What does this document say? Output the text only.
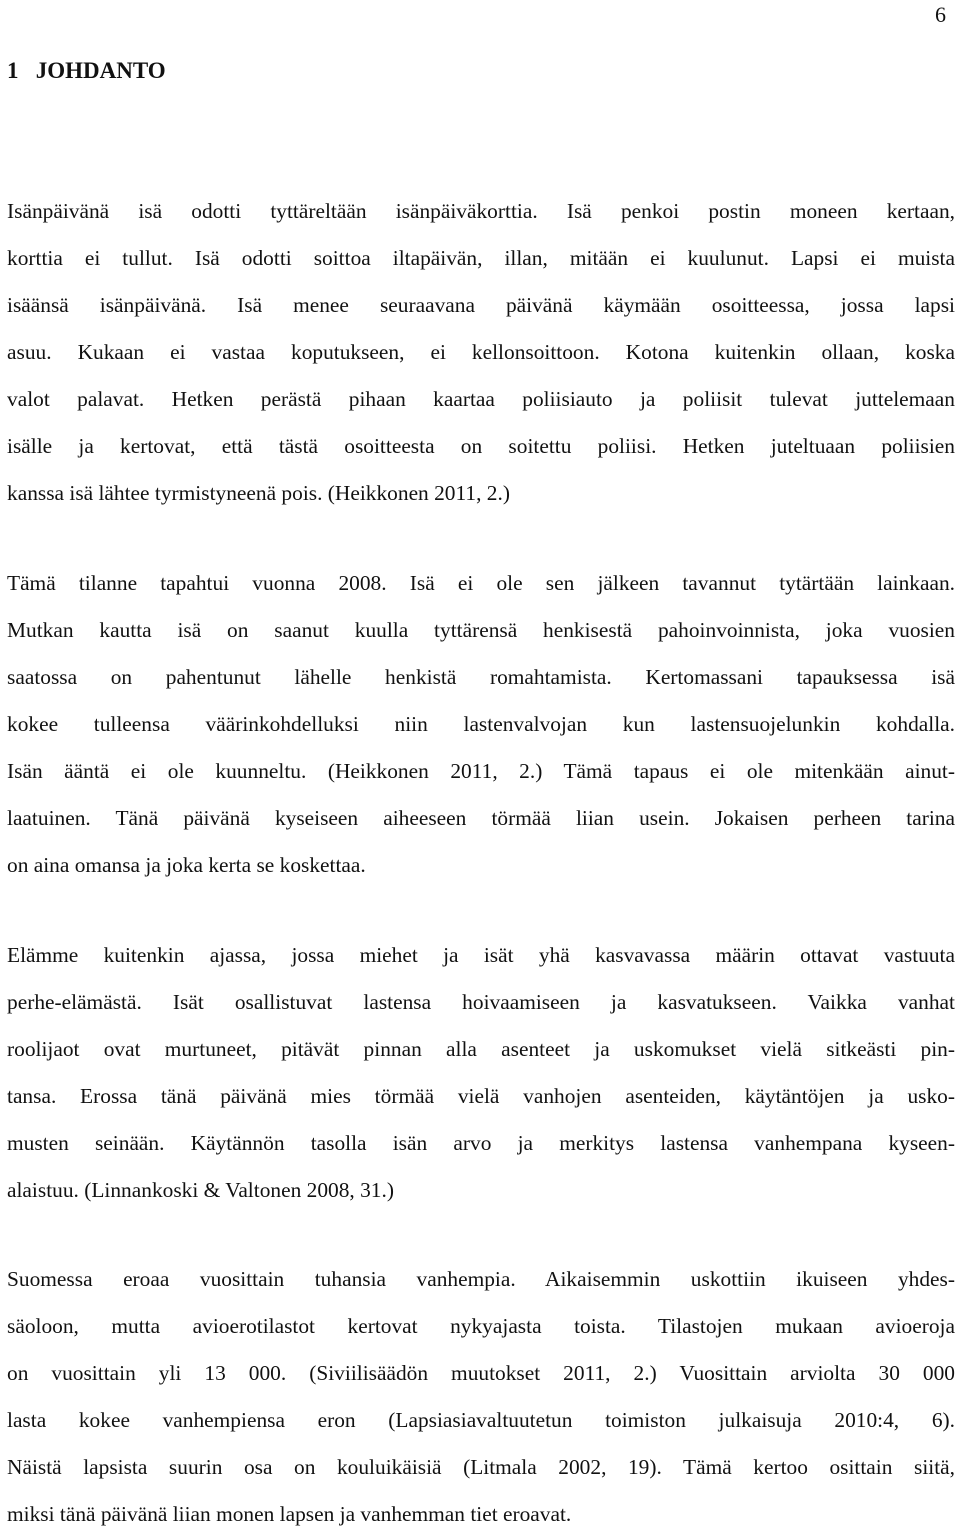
6
1   JOHDANTO

Isänpäivänä isä odotti tyttäreltään isänpäiväkorttia. Isä penkoi postin moneen kertaan,
korttia ei tullut. Isä odotti soittoa iltapäivän, illan, mitään ei kuulunut. Lapsi ei muista
isäänsä isänpäivänä. Isä menee seuraavana päivänä käymään osoitteessa, jossa lapsi
asuu. Kukaan ei vastaa koputukseen, ei kellonsoittoon. Kotona kuitenkin ollaan, koska
valot palavat. Hetken perästä pihaan kaartaa poliisiauto ja poliisit tulevat juttelemaan
isälle ja kertovat, että tästä osoitteesta on soitettu poliisi. Hetken juteltuaan poliisien
kanssa isä lähtee tyrmistyneenä pois. (Heikkonen 2011, 2.)

Tämä tilanne tapahtui vuonna 2008. Isä ei ole sen jälkeen tavannut tytärtään lainkaan.
Mutkan kautta isä on saanut kuulla tyttärensä henkisestä pahoinvoinnista, joka vuosien
saatossa on pahentunut lähelle henkistä romahtamista. Kertomassani tapauksessa isä
kokee tulleensa väärinkohdelluksi niin lastenvalvojan kun lastensuojelunkin kohdalla.
Isän ääntä ei ole kuunneltu. (Heikkonen 2011, 2.) Tämä tapaus ei ole mitenkään ainut-
laatuinen. Tänä päivänä kyseiseen aiheeseen törmää liian usein. Jokaisen perheen tarina
on aina omansa ja joka kerta se koskettaa.

Elämme kuitenkin ajassa, jossa miehet ja isät yhä kasvavassa määrin ottavat vastuuta
perhe-elämästä. Isät osallistuvat lastensa hoivaamiseen ja kasvatukseen. Vaikka vanhat
roolijaot ovat murtuneet, pitävät pinnan alla asenteet ja uskomukset vielä sitkeästi pin-
tansa. Erossa tänä päivänä mies törmää vielä vanhojen asenteiden, käytäntöjen ja usko-
musten seinään. Käytännön tasolla isän arvo ja merkitys lastensa vanhempana kyseen-
alaistuu. (Linnankoski & Valtonen 2008, 31.)

Suomessa eroaa vuosittain tuhansia vanhempia. Aikaisemmin uskottiin ikuiseen yhdes-
säoloon, mutta avioerotilastot kertovat nykyajasta toista. Tilastojen mukaan avioeroja
on vuosittain yli 13 000. (Siviilisäädön muutokset 2011, 2.) Vuosittain arviolta 30 000
lasta kokee vanhempiensa eron (Lapsiasiavaltuutetun toimiston julkaisuja 2010:4, 6).
Näistä lapsista suurin osa on kouluikäisiä (Litmala 2002, 19). Tämä kertoo osittain siitä,
miksi tänä päivänä liian monen lapsen ja vanhemman tiet eroavat.
